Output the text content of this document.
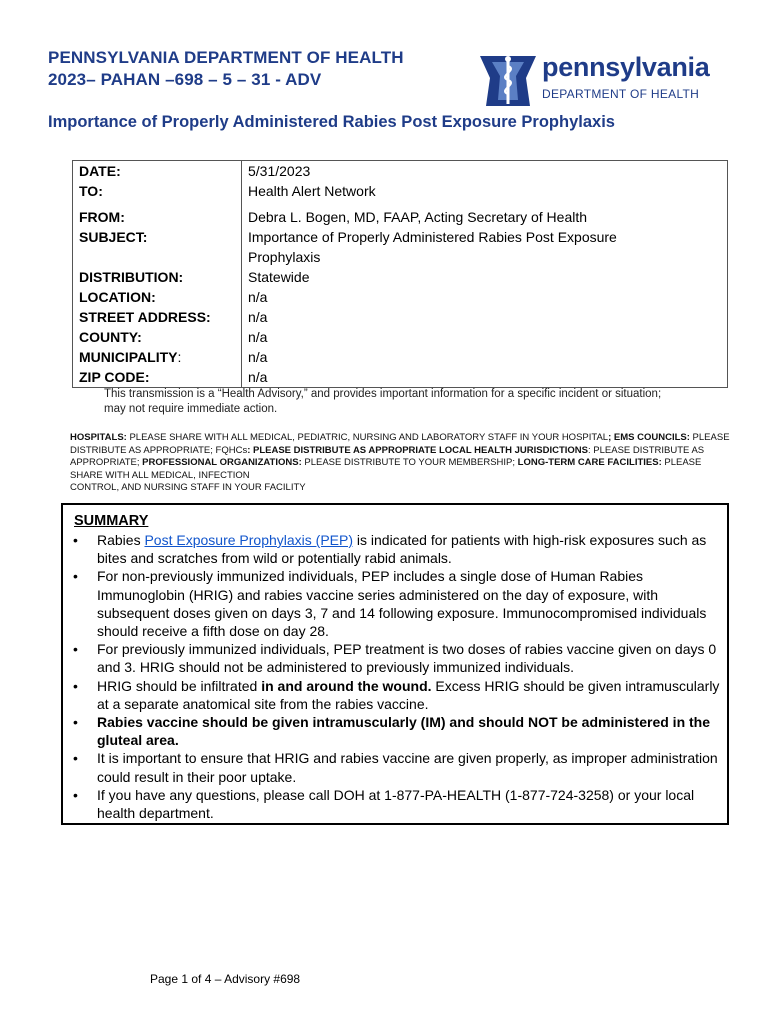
PENNSYLVANIA DEPARTMENT OF HEALTH
2023– PAHAN –698 – 5 – 31 - ADV	pennsylvania
DEPARTMENT OF HEALTH
Importance of Properly Administered Rabies Post Exposure Prophylaxis
DATE:	5/31/2023
TO:	Health Alert Network

FROM:	Debra L. Bogen, MD, FAAP, Acting Secretary of Health
SUBJECT:	Importance of Properly Administered Rabies Post Exposure
Prophylaxis
DISTRIBUTION:	Statewide
LOCATION:	n/a
STREET ADDRESS:	n/a
COUNTY:	n/a
MUNICIPALITY:	n/a
ZIP CODE:	n/a
This transmission is a “Health Advisory,” and provides important information for a specific incident or situation;
may not require immediate action.
HOSPITALS: PLEASE SHARE WITH ALL MEDICAL, PEDIATRIC, NURSING AND LABORATORY STAFF IN YOUR HOSPITAL; EMS COUNCILS: PLEASE DISTRIBUTE AS APPROPRIATE; FQHCs: PLEASE DISTRIBUTE AS APPROPRIATE LOCAL HEALTH JURISDICTIONS: PLEASE DISTRIBUTE AS APPROPRIATE; PROFESSIONAL ORGANIZATIONS: PLEASE DISTRIBUTE TO YOUR MEMBERSHIP; LONG-TERM CARE FACILITIES: PLEASE SHARE WITH ALL MEDICAL, INFECTION
CONTROL, AND NURSING STAFF IN YOUR FACILITY
SUMMARY
• Rabies Post Exposure Prophylaxis (PEP) is indicated for patients with high-risk exposures such as bites and scratches from wild or potentially rabid animals.
• For non-previously immunized individuals, PEP includes a single dose of Human Rabies Immunoglobin (HRIG) and rabies vaccine series administered on the day of exposure, with subsequent doses given on days 3, 7 and 14 following exposure. Immunocompromised individuals should receive a fifth dose on day 28.
• For previously immunized individuals, PEP treatment is two doses of rabies vaccine given on days 0 and 3. HRIG should not be administered to previously immunized individuals.
• HRIG should be infiltrated in and around the wound. Excess HRIG should be given intramuscularly at a separate anatomical site from the rabies vaccine.
• Rabies vaccine should be given intramuscularly (IM) and should NOT be administered in the gluteal area.
• It is important to ensure that HRIG and rabies vaccine are given properly, as improper administration could result in their poor uptake.
• If you have any questions, please call DOH at 1-877-PA-HEALTH (1-877-724-3258) or your local health department.
Page 1 of 4 – Advisory #698
